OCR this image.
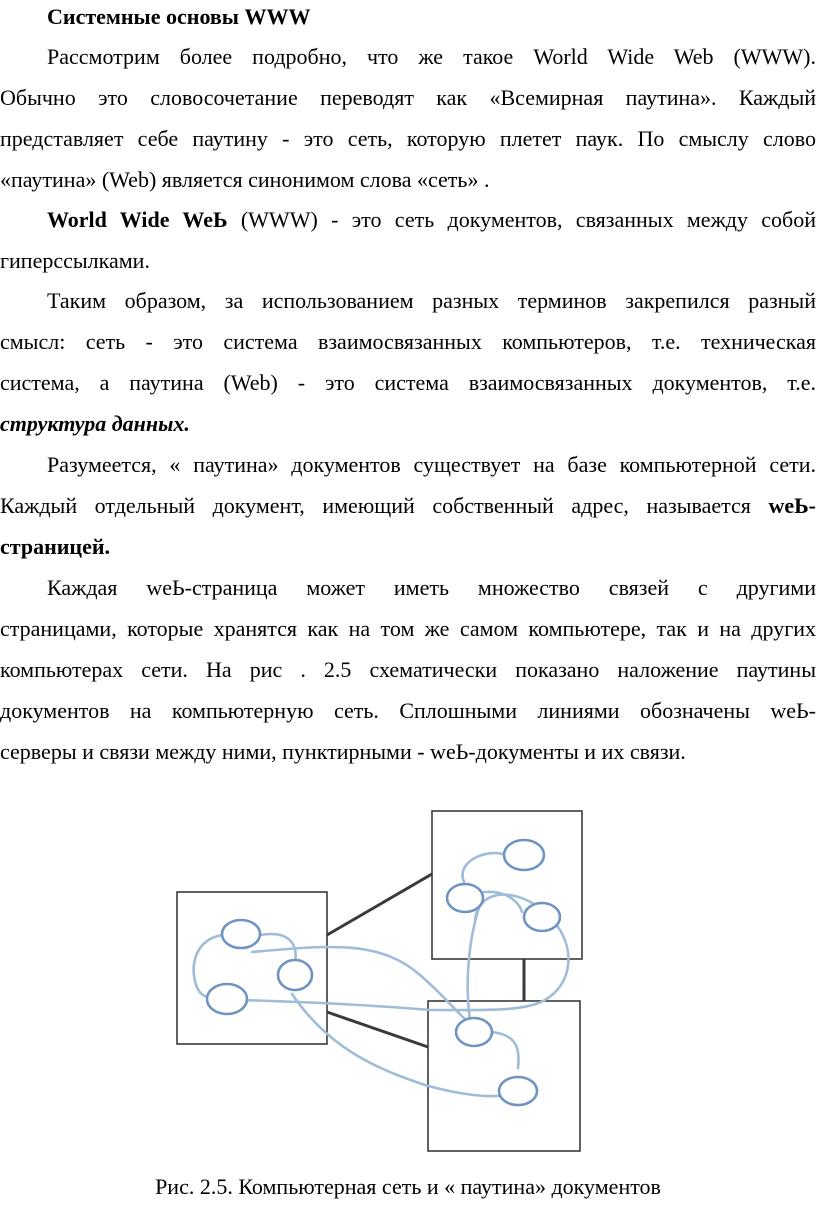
Системные основы WWW
Рассмотрим более подробно, что же такое World Wide Web (WWW).
Обычно это словосочетание переводят как «Всемирная паутина». Каждый
представляет себе паутину - это сеть, которую плетет паук. По смыслу слово
«паутина» (Web) является синонимом слова «сеть» .
World Wide WeЬ (WWW) - это сеть документов, связанных между собой
гиперссылками.
Таким образом, за использованием разных терминов закрепился разный
смысл: сеть - это система взаимосвязанных компьютеров, т.е. техническая
система, а паутина (Web) - это система взаимосвязанных документов, т.е.
структура данных.
Разумеется, « паутина» документов существует на базе компьютерной сети.
Каждый отдельный документ, имеющий собственный адрес, называется weЬ-
страницей.
Каждая weЬ-страница может иметь множество связей с другими
страницами, которые хранятся как на том же самом компьютере, так и на других
компьютерах сети. На рис . 2.5 схематически показано наложение паутины
документов на компьютерную сеть. Сплошными линиями обозначены weЬ-
серверы и связи между ними, пунктирными - weЬ-документы и их связи.
Рис. 2.5. Компьютерная сеть и « паутина» документов
